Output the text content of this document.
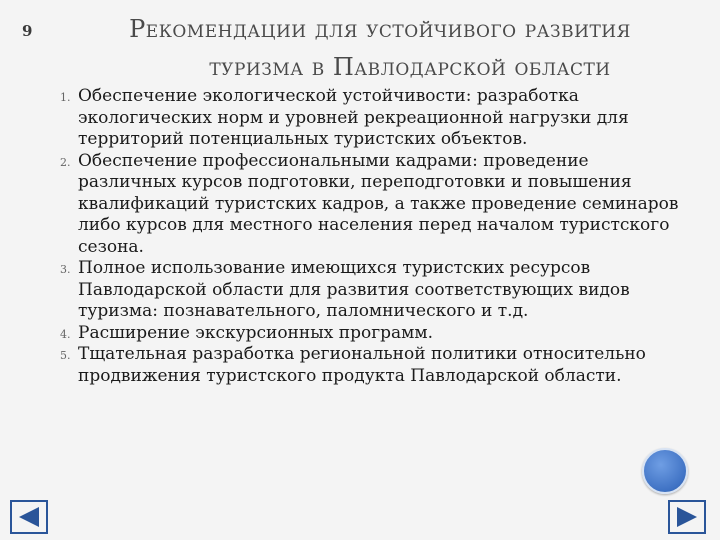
9	Рекомендации для устойчивого развития
туризма в Павлодарской области
1. Обеспечение экологической устойчивости: разработка экологических норм и уровней рекреационной нагрузки для территорий потенциальных туристских объектов.
2. Обеспечение профессиональными кадрами: проведение различных курсов подготовки, переподготовки и повышения квалификаций туристских кадров, а также проведение семинаров либо курсов для местного населения перед началом туристского сезона.
3. Полное использование имеющихся туристских ресурсов Павлодарской области для развития соответствующих видов туризма: познавательного, паломнического и т.д.
4. Расширение экскурсионных программ.
5. Тщательная разработка региональной политики относительно продвижения туристского продукта Павлодарской области.
